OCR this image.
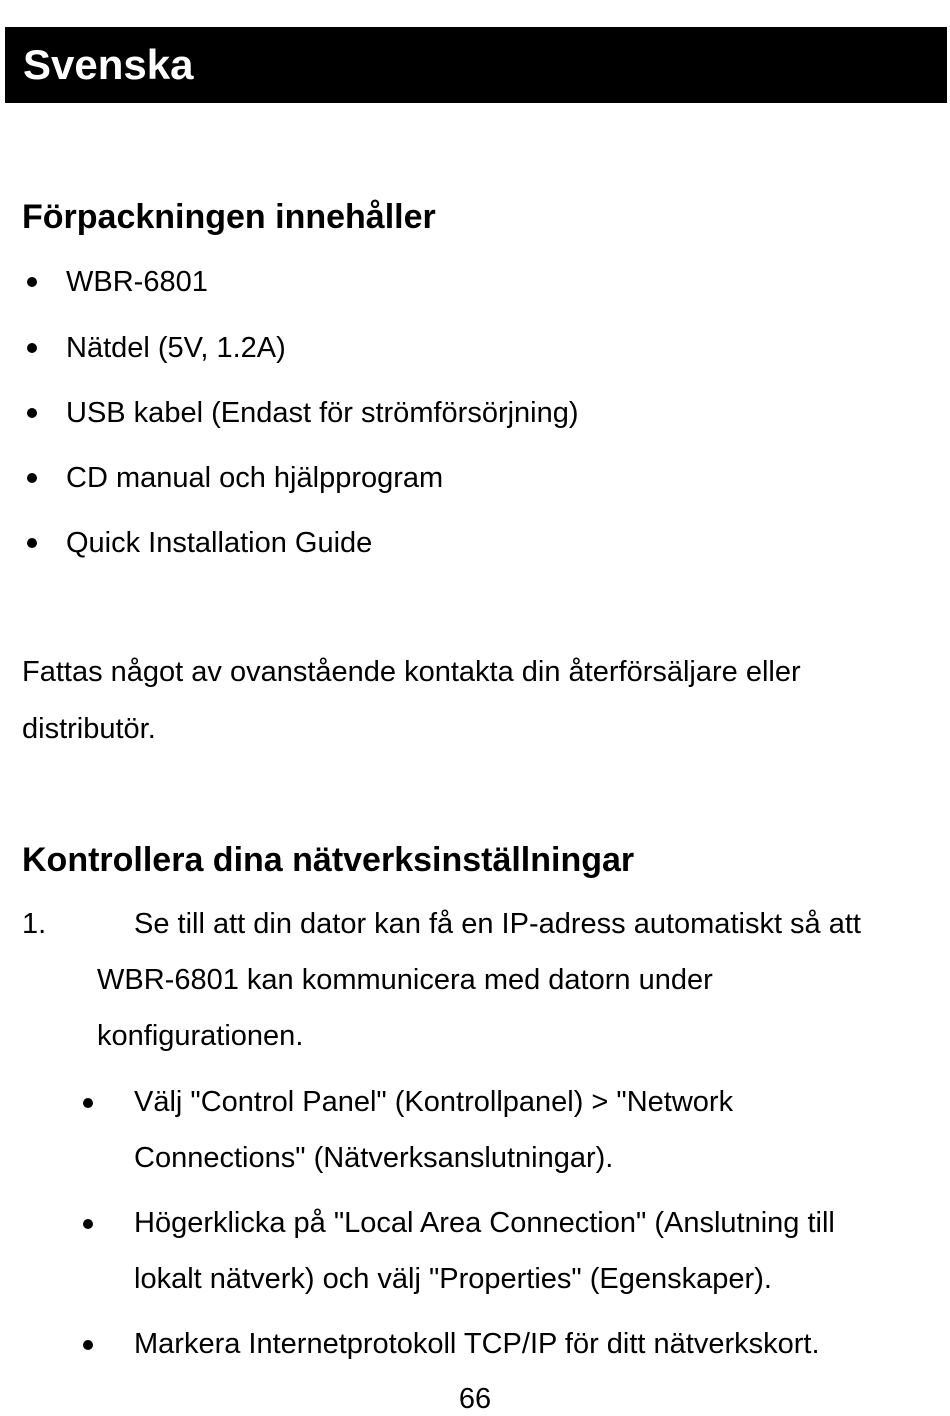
Svenska
Förpackningen innehåller
WBR-6801
Nätdel (5V, 1.2A)
USB kabel (Endast för strömförsörjning)
CD manual och hjälpprogram
Quick Installation Guide
Fattas något av ovanstående kontakta din återförsäljare eller
distributör.
Kontrollera dina nätverksinställningar
1.	Se till att din dator kan få en IP-adress automatiskt så att
WBR-6801 kan kommunicera med datorn under
konfigurationen.
Välj "Control Panel" (Kontrollpanel) > "Network
Connections" (Nätverksanslutningar).
Högerklicka på "Local Area Connection" (Anslutning till
lokalt nätverk) och välj "Properties" (Egenskaper).
Markera Internetprotokoll TCP/IP för ditt nätverkskort.
66
